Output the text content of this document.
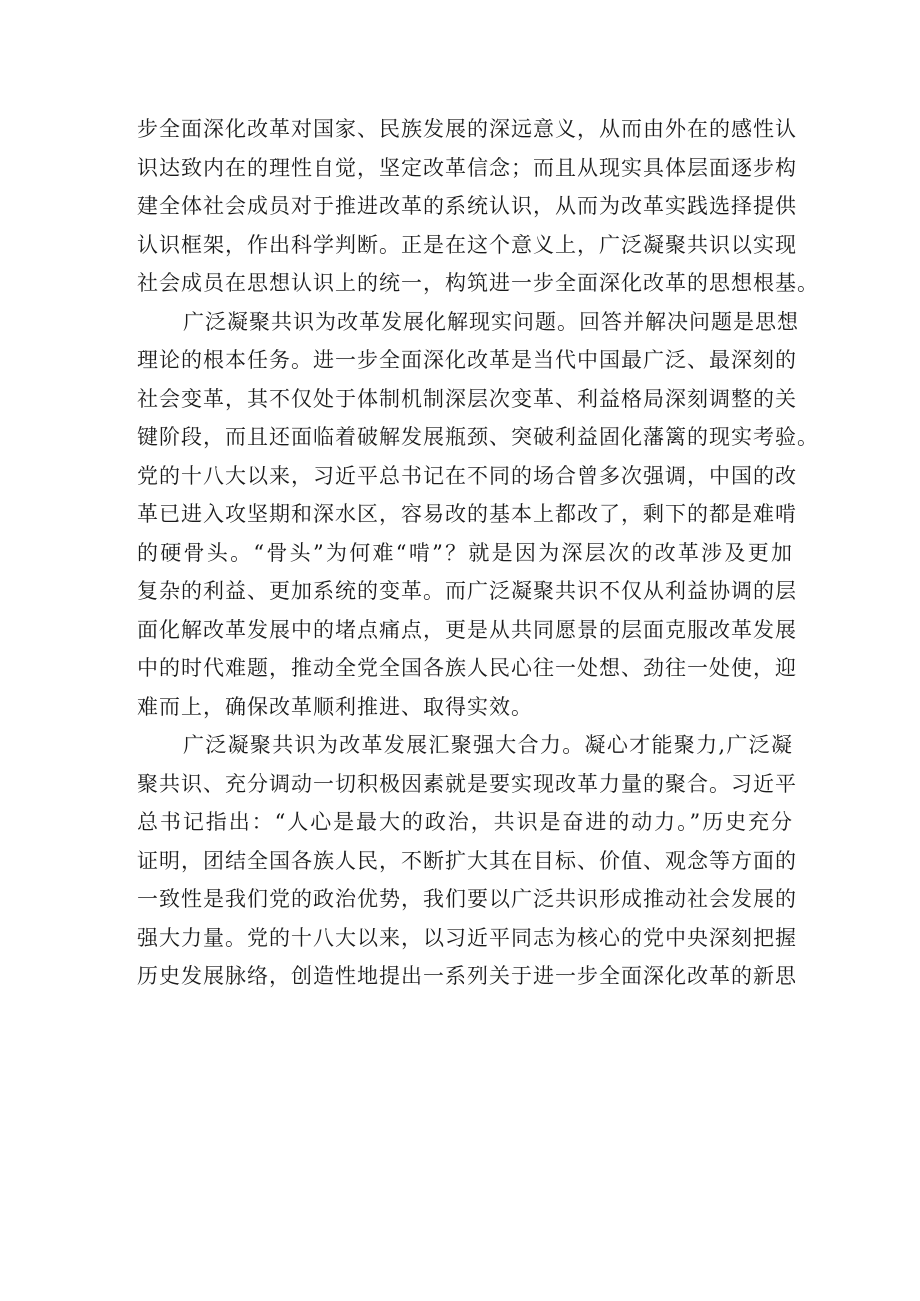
步全面深化改革对国家、民族发展的深远意义，从而由外在的感性认
识达致内在的理性自觉，坚定改革信念；而且从现实具体层面逐步构
建全体社会成员对于推进改革的系统认识，从而为改革实践选择提供
认识框架，作出科学判断。正是在这个意义上，广泛凝聚共识以实现
社会成员在思想认识上的统一，构筑进一步全面深化改革的思想根基。
广泛凝聚共识为改革发展化解现实问题。回答并解决问题是思想
理论的根本任务。进一步全面深化改革是当代中国最广泛、最深刻的
社会变革，其不仅处于体制机制深层次变革、利益格局深刻调整的关
键阶段，而且还面临着破解发展瓶颈、突破利益固化藩篱的现实考验。
党的十八大以来，习近平总书记在不同的场合曾多次强调，中国的改
革已进入攻坚期和深水区，容易改的基本上都改了，剩下的都是难啃
的硬骨头。“骨头”为何难“啃”？就是因为深层次的改革涉及更加
复杂的利益、更加系统的变革。而广泛凝聚共识不仅从利益协调的层
面化解改革发展中的堵点痛点，更是从共同愿景的层面克服改革发展
中的时代难题，推动全党全国各族人民心往一处想、劲往一处使，迎
难而上，确保改革顺利推进、取得实效。
广泛凝聚共识为改革发展汇聚强大合力。凝心才能聚力,广泛凝
聚共识、充分调动一切积极因素就是要实现改革力量的聚合。习近平
总书记指出：“人心是最大的政治，共识是奋进的动力。”历史充分
证明，团结全国各族人民，不断扩大其在目标、价值、观念等方面的
一致性是我们党的政治优势，我们要以广泛共识形成推动社会发展的
强大力量。党的十八大以来，以习近平同志为核心的党中央深刻把握
历史发展脉络，创造性地提出一系列关于进一步全面深化改革的新思
